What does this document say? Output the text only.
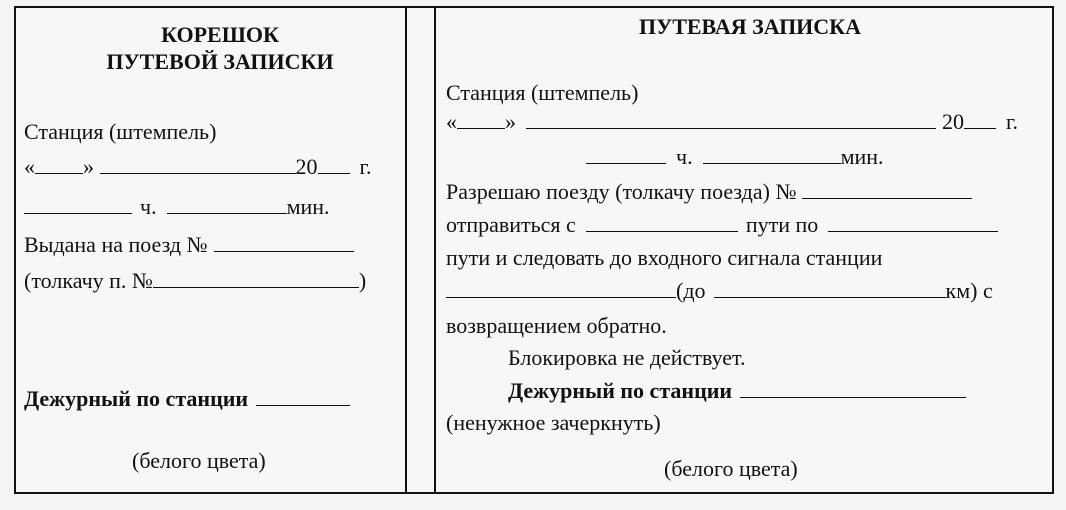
КОРЕШОК
ПУТЕВОЙ ЗАПИСКИ
Станция (штемпель)
« »	20 г.
ч.	мин.
Выдана на поезд №
(толкачу п. №	)
Дежурный по станции
(белого цвета)
ПУТЕВАЯ ЗАПИСКА
Станция (штемпель)
« »	20 г.
ч.	мин.
Разрешаю поезду (толкачу поезда) №
отправиться с	пути по
пути и следовать до входного сигнала станции
(до	км) с
возвращением обратно.
Блокировка не действует.
Дежурный по станции
(ненужное зачеркнуть)
(белого цвета)
